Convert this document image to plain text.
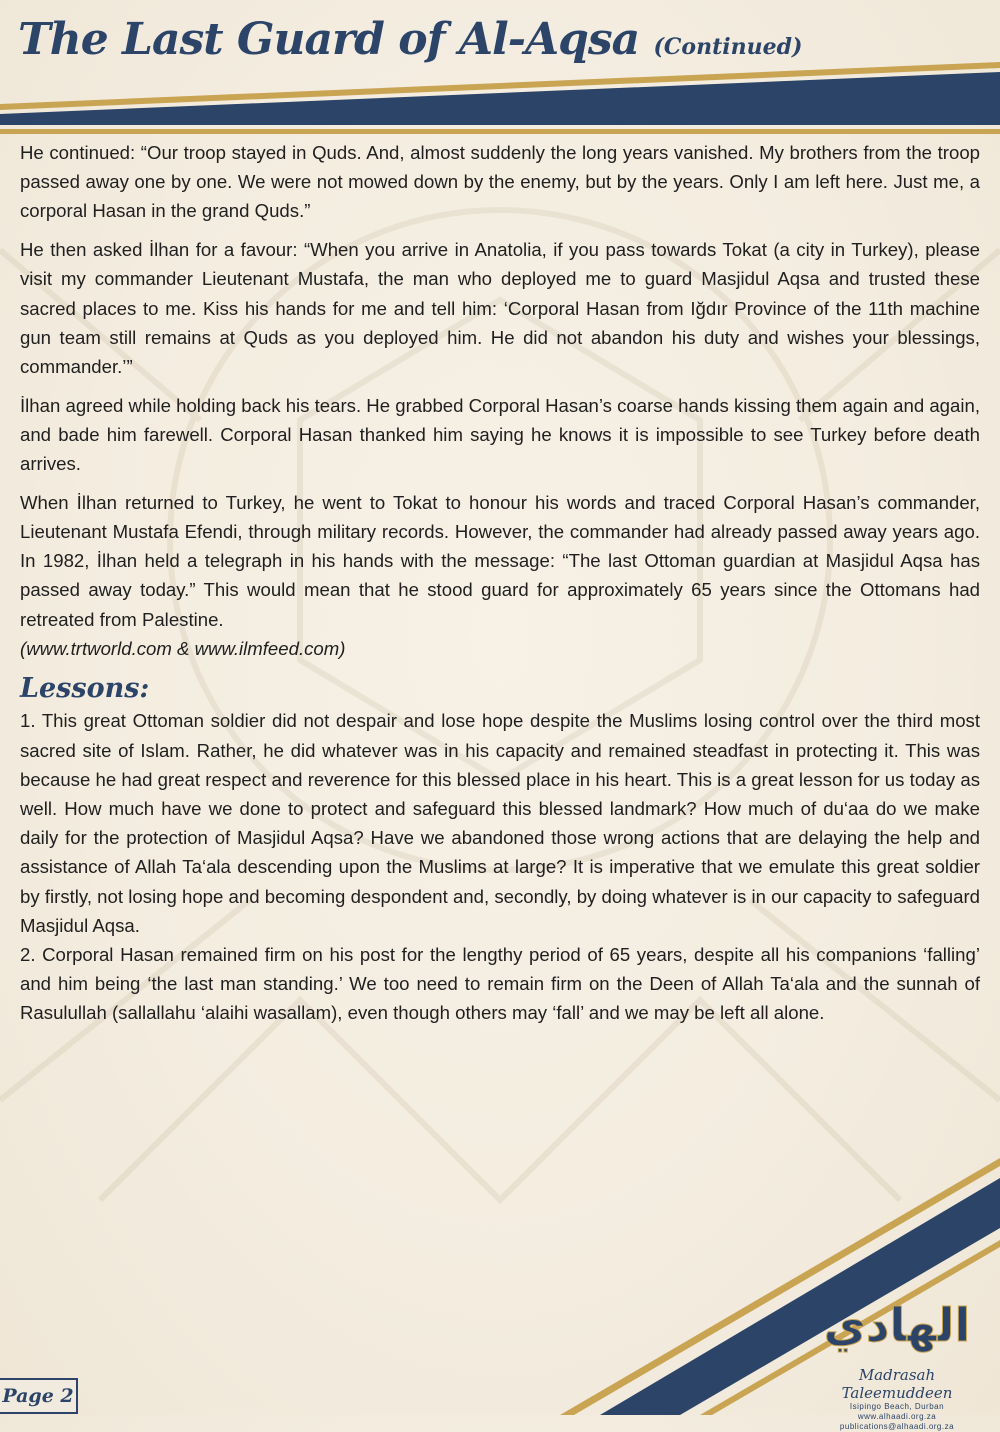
The Last Guard of Al-Aqsa (Continued)

He continued: “Our troop stayed in Quds. And, almost suddenly the long years vanished. My brothers from the troop passed away one by one. We were not mowed down by the enemy, but by the years. Only I am left here. Just me, a corporal Hasan in the grand Quds.”

He then asked İlhan for a favour: “When you arrive in Anatolia, if you pass towards Tokat (a city in Turkey), please visit my commander Lieutenant Mustafa, the man who deployed me to guard Masjidul Aqsa and trusted these sacred places to me. Kiss his hands for me and tell him: ‘Corporal Hasan from Iğdır Province of the 11th machine gun team still remains at Quds as you deployed him. He did not abandon his duty and wishes your blessings, commander.’”

İlhan agreed while holding back his tears. He grabbed Corporal Hasan’s coarse hands kissing them again and again, and bade him farewell. Corporal Hasan thanked him saying he knows it is impossible to see Turkey before death arrives.

When İlhan returned to Turkey, he went to Tokat to honour his words and traced Corporal Hasan’s commander, Lieutenant Mustafa Efendi, through military records. However, the commander had already passed away years ago. In 1982, İlhan held a telegraph in his hands with the message: “The last Ottoman guardian at Masjidul Aqsa has passed away today.” This would mean that he stood guard for approximately 65 years since the Ottomans had retreated from Palestine.

(www.trtworld.com & www.ilmfeed.com)

Lessons:

1. This great Ottoman soldier did not despair and lose hope despite the Muslims losing control over the third most sacred site of Islam. Rather, he did whatever was in his capacity and remained steadfast in protecting it. This was because he had great respect and reverence for this blessed place in his heart. This is a great lesson for us today as well. How much have we done to protect and safeguard this blessed landmark? How much of du‘aa do we make daily for the protection of Masjidul Aqsa? Have we abandoned those wrong actions that are delaying the help and assistance of Allah Ta‘ala descending upon the Muslims at large? It is imperative that we emulate this great soldier by firstly, not losing hope and becoming despondent and, secondly, by doing whatever is in our capacity to safeguard Masjidul Aqsa.

2. Corporal Hasan remained firm on his post for the lengthy period of 65 years, despite all his companions ‘falling’ and him being ‘the last man standing.’ We too need to remain firm on the Deen of Allah Ta‘ala and the sunnah of Rasulullah (sallallahu ‘alaihi wasallam), even though others may ‘fall’ and we may be left all alone.

Page 2
الهادي
Madrasah Taleemuddeen
Isipingo Beach, Durban
www.alhaadi.org.za
publications@alhaadi.org.za
